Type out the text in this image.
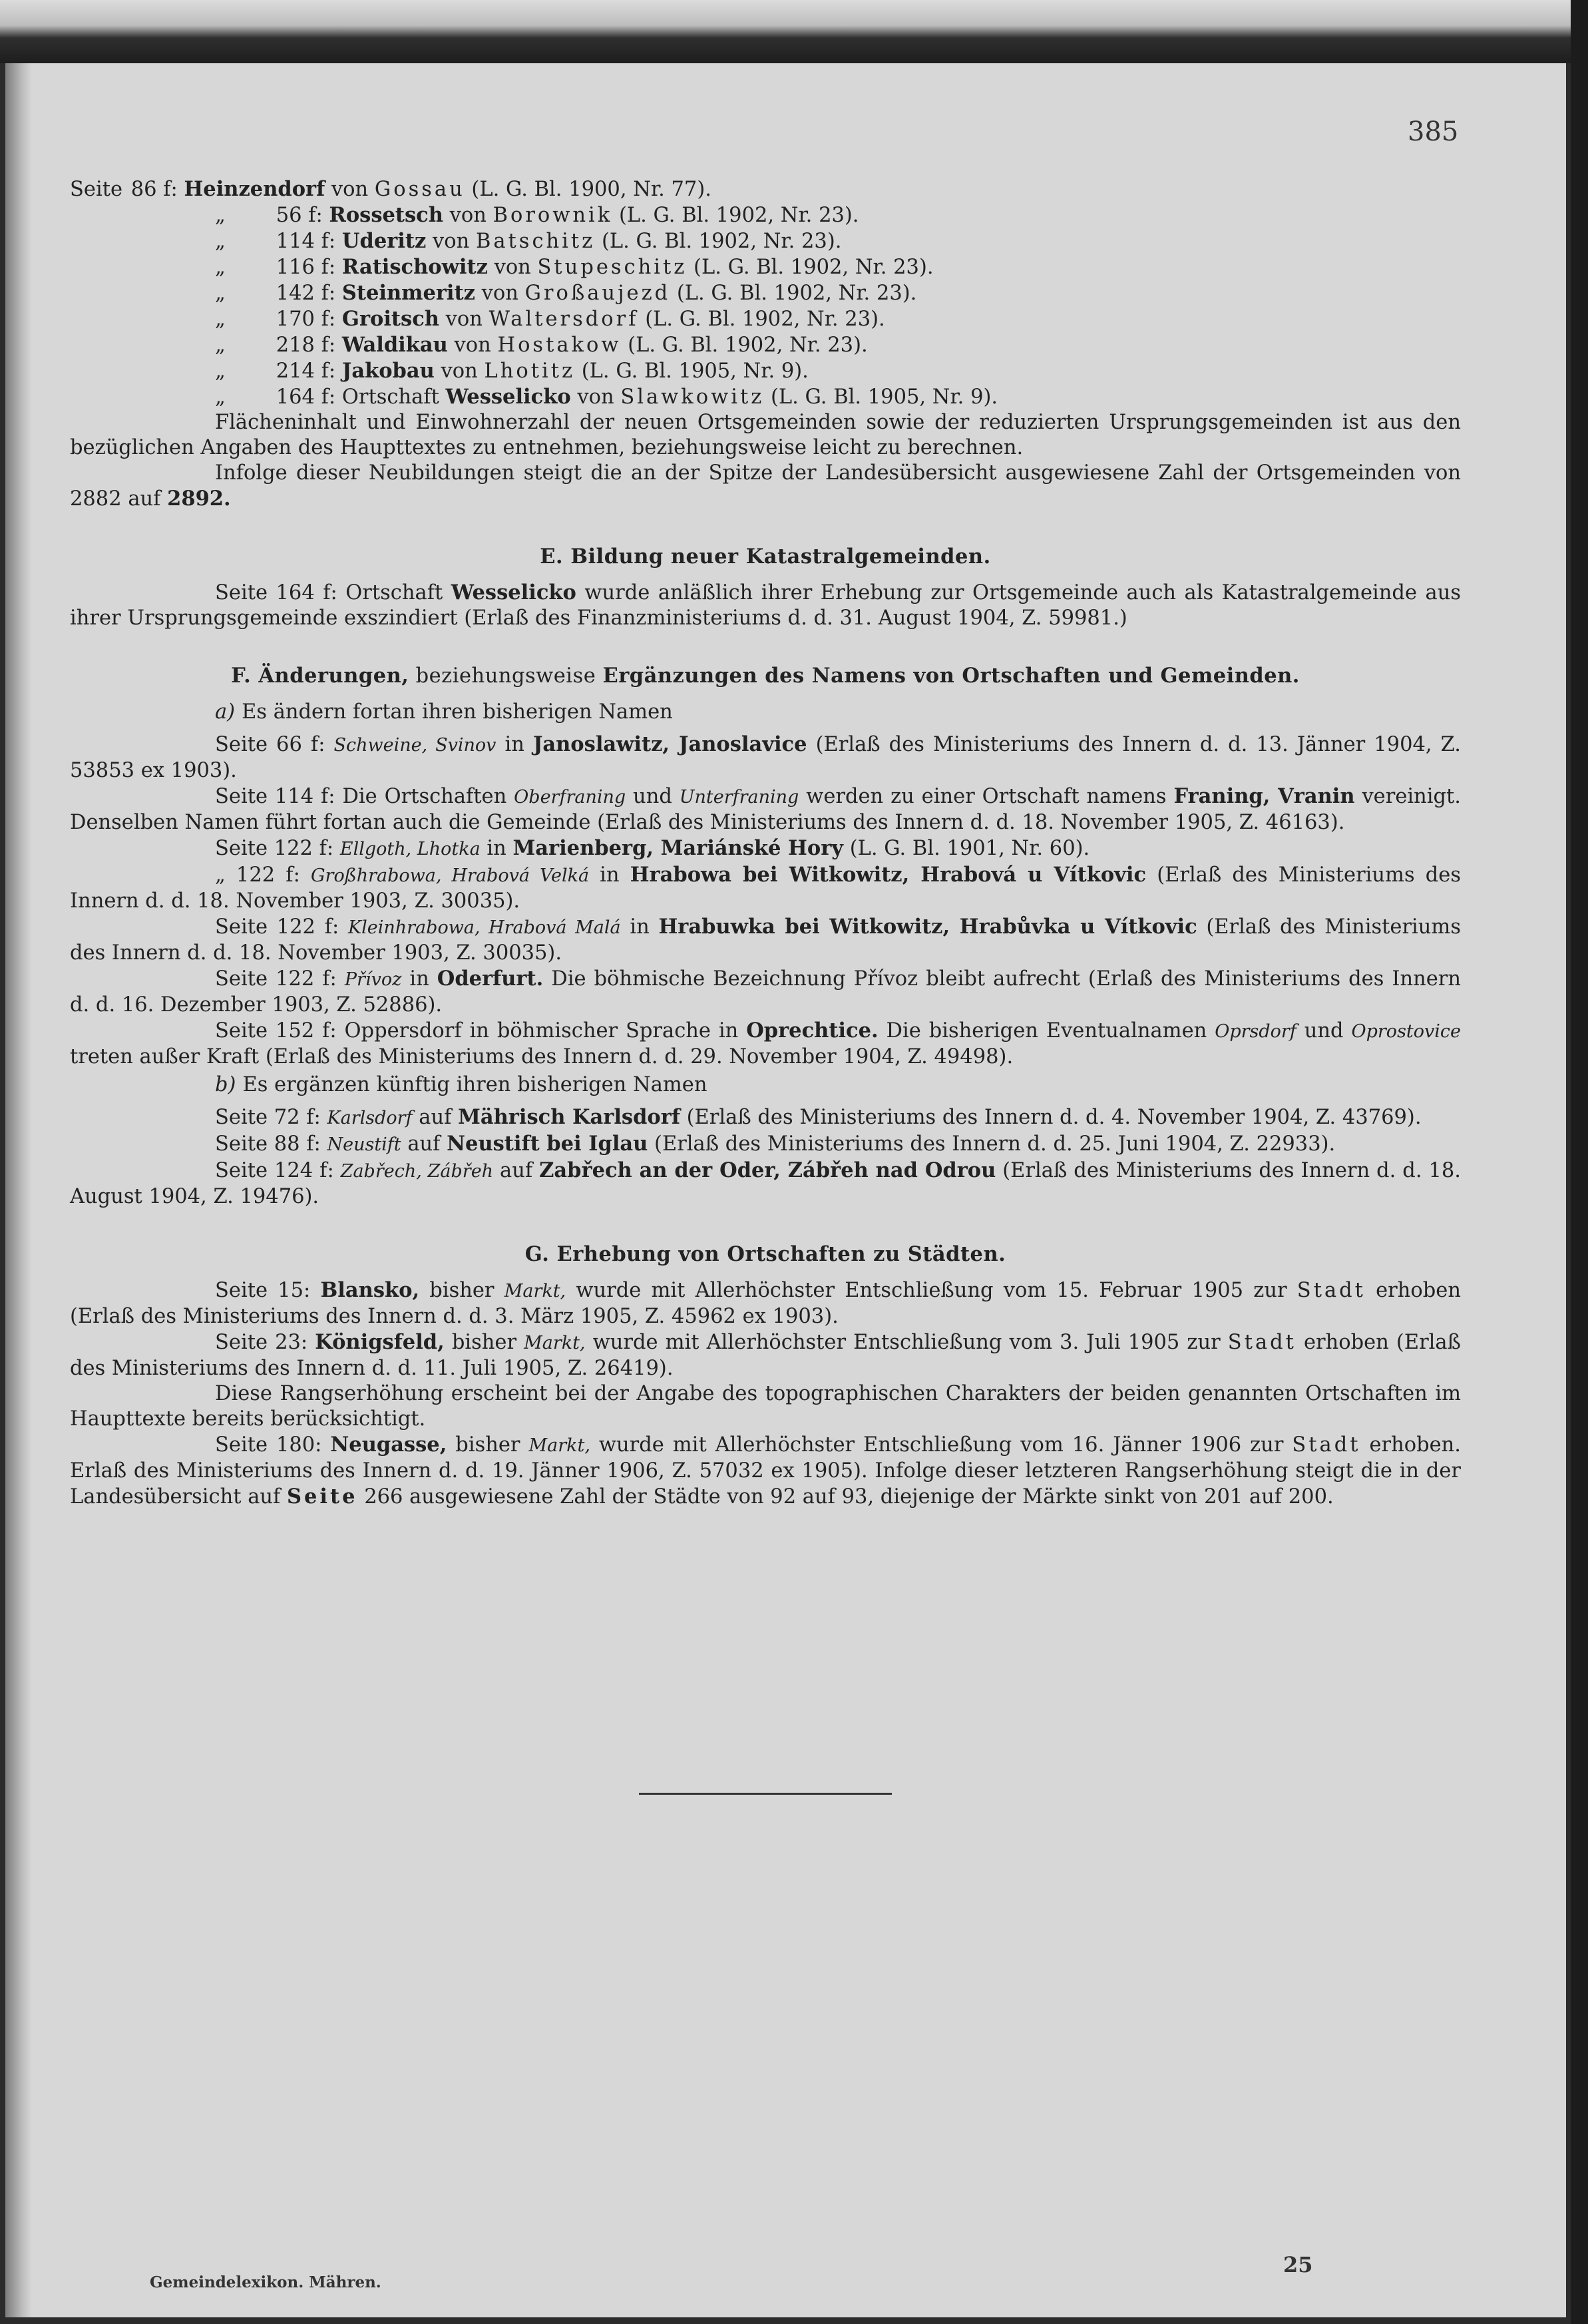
385

Seite 86 f: Heinzendorf von Gossau (L. G. Bl. 1900, Nr. 77).

„ 56 f: Rossetsch von Borownik (L. G. Bl. 1902, Nr. 23).

„ 114 f: Uderitz von Batschitz (L. G. Bl. 1902, Nr. 23).

„ 116 f: Ratischowitz von Stupeschitz (L. G. Bl. 1902, Nr. 23).

„ 142 f: Steinmeritz von Großaujezd (L. G. Bl. 1902, Nr. 23).

„ 170 f: Groitsch von Waltersdorf (L. G. Bl. 1902, Nr. 23).

„ 218 f: Waldikau von Hostakow (L. G. Bl. 1902, Nr. 23).

„ 214 f: Jakobau von Lhotitz (L. G. Bl. 1905, Nr. 9).

„ 164 f: Ortschaft Wesselicko von Slawkowitz (L. G. Bl. 1905, Nr. 9).

Flächeninhalt und Einwohnerzahl der neuen Ortsgemeinden sowie der reduzierten Ursprungsgemeinden ist aus den bezüglichen Angaben des Haupttextes zu entnehmen, beziehungsweise leicht zu berechnen.

Infolge dieser Neubildungen steigt die an der Spitze der Landesübersicht ausgewiesene Zahl der Ortsgemeinden von 2882 auf 2892.

E. Bildung neuer Katastralgemeinden.

Seite 164 f: Ortschaft Wesselicko wurde anläßlich ihrer Erhebung zur Ortsgemeinde auch als Katastralgemeinde aus ihrer Ursprungsgemeinde exszindiert (Erlaß des Finanzministeriums d. d. 31. August 1904, Z. 59981.)

F. Änderungen, beziehungsweise Ergänzungen des Namens von Ortschaften und Gemeinden.

a) Es ändern fortan ihren bisherigen Namen

Seite 66 f: Schweine, Svinov in Janoslawitz, Janoslavice (Erlaß des Ministeriums des Innern d. d. 13. Jänner 1904, Z. 53853 ex 1903).

Seite 114 f: Die Ortschaften Oberfraning und Unterfraning werden zu einer Ortschaft namens Franing, Vranin vereinigt. Denselben Namen führt fortan auch die Gemeinde (Erlaß des Ministeriums des Innern d. d. 18. November 1905, Z. 46163).

Seite 122 f: Ellgoth, Lhotka in Marienberg, Mariánské Hory (L. G. Bl. 1901, Nr. 60).

„ 122 f: Großhrabowa, Hrabová Velká in Hrabowa bei Witkowitz, Hrabová u Vítkovic (Erlaß des Ministeriums des Innern d. d. 18. November 1903, Z. 30035).

Seite 122 f: Kleinhrabowa, Hrabová Malá in Hrabuwka bei Witkowitz, Hrabůvka u Vítkovic (Erlaß des Ministeriums des Innern d. d. 18. November 1903, Z. 30035).

Seite 122 f: Přívoz in Oderfurt. Die böhmische Bezeichnung Přívoz bleibt aufrecht (Erlaß des Ministeriums des Innern d. d. 16. Dezember 1903, Z. 52886).

Seite 152 f: Oppersdorf in böhmischer Sprache in Oprechtice. Die bisherigen Eventualnamen Oprsdorf und Oprostovice treten außer Kraft (Erlaß des Ministeriums des Innern d. d. 29. November 1904, Z. 49498).

b) Es ergänzen künftig ihren bisherigen Namen

Seite 72 f: Karlsdorf auf Mährisch Karlsdorf (Erlaß des Ministeriums des Innern d. d. 4. November 1904, Z. 43769).

Seite 88 f: Neustift auf Neustift bei Iglau (Erlaß des Ministeriums des Innern d. d. 25. Juni 1904, Z. 22933).

Seite 124 f: Zabřech, Zábřeh auf Zabřech an der Oder, Zábřeh nad Odrou (Erlaß des Ministeriums des Innern d. d. 18. August 1904, Z. 19476).

G. Erhebung von Ortschaften zu Städten.

Seite 15: Blansko, bisher Markt, wurde mit Allerhöchster Entschließung vom 15. Februar 1905 zur Stadt erhoben (Erlaß des Ministeriums des Innern d. d. 3. März 1905, Z. 45962 ex 1903).

Seite 23: Königsfeld, bisher Markt, wurde mit Allerhöchster Entschließung vom 3. Juli 1905 zur Stadt erhoben (Erlaß des Ministeriums des Innern d. d. 11. Juli 1905, Z. 26419).

Diese Rangserhöhung erscheint bei der Angabe des topographischen Charakters der beiden genannten Ortschaften im Haupttexte bereits berücksichtigt.

Seite 180: Neugasse, bisher Markt, wurde mit Allerhöchster Entschließung vom 16. Jänner 1906 zur Stadt erhoben. Erlaß des Ministeriums des Innern d. d. 19. Jänner 1906, Z. 57032 ex 1905). Infolge dieser letzteren Rangserhöhung steigt die in der Landesübersicht auf Seite 266 ausgewiesene Zahl der Städte von 92 auf 93, diejenige der Märkte sinkt von 201 auf 200.

Gemeindelexikon. Mähren.
25
